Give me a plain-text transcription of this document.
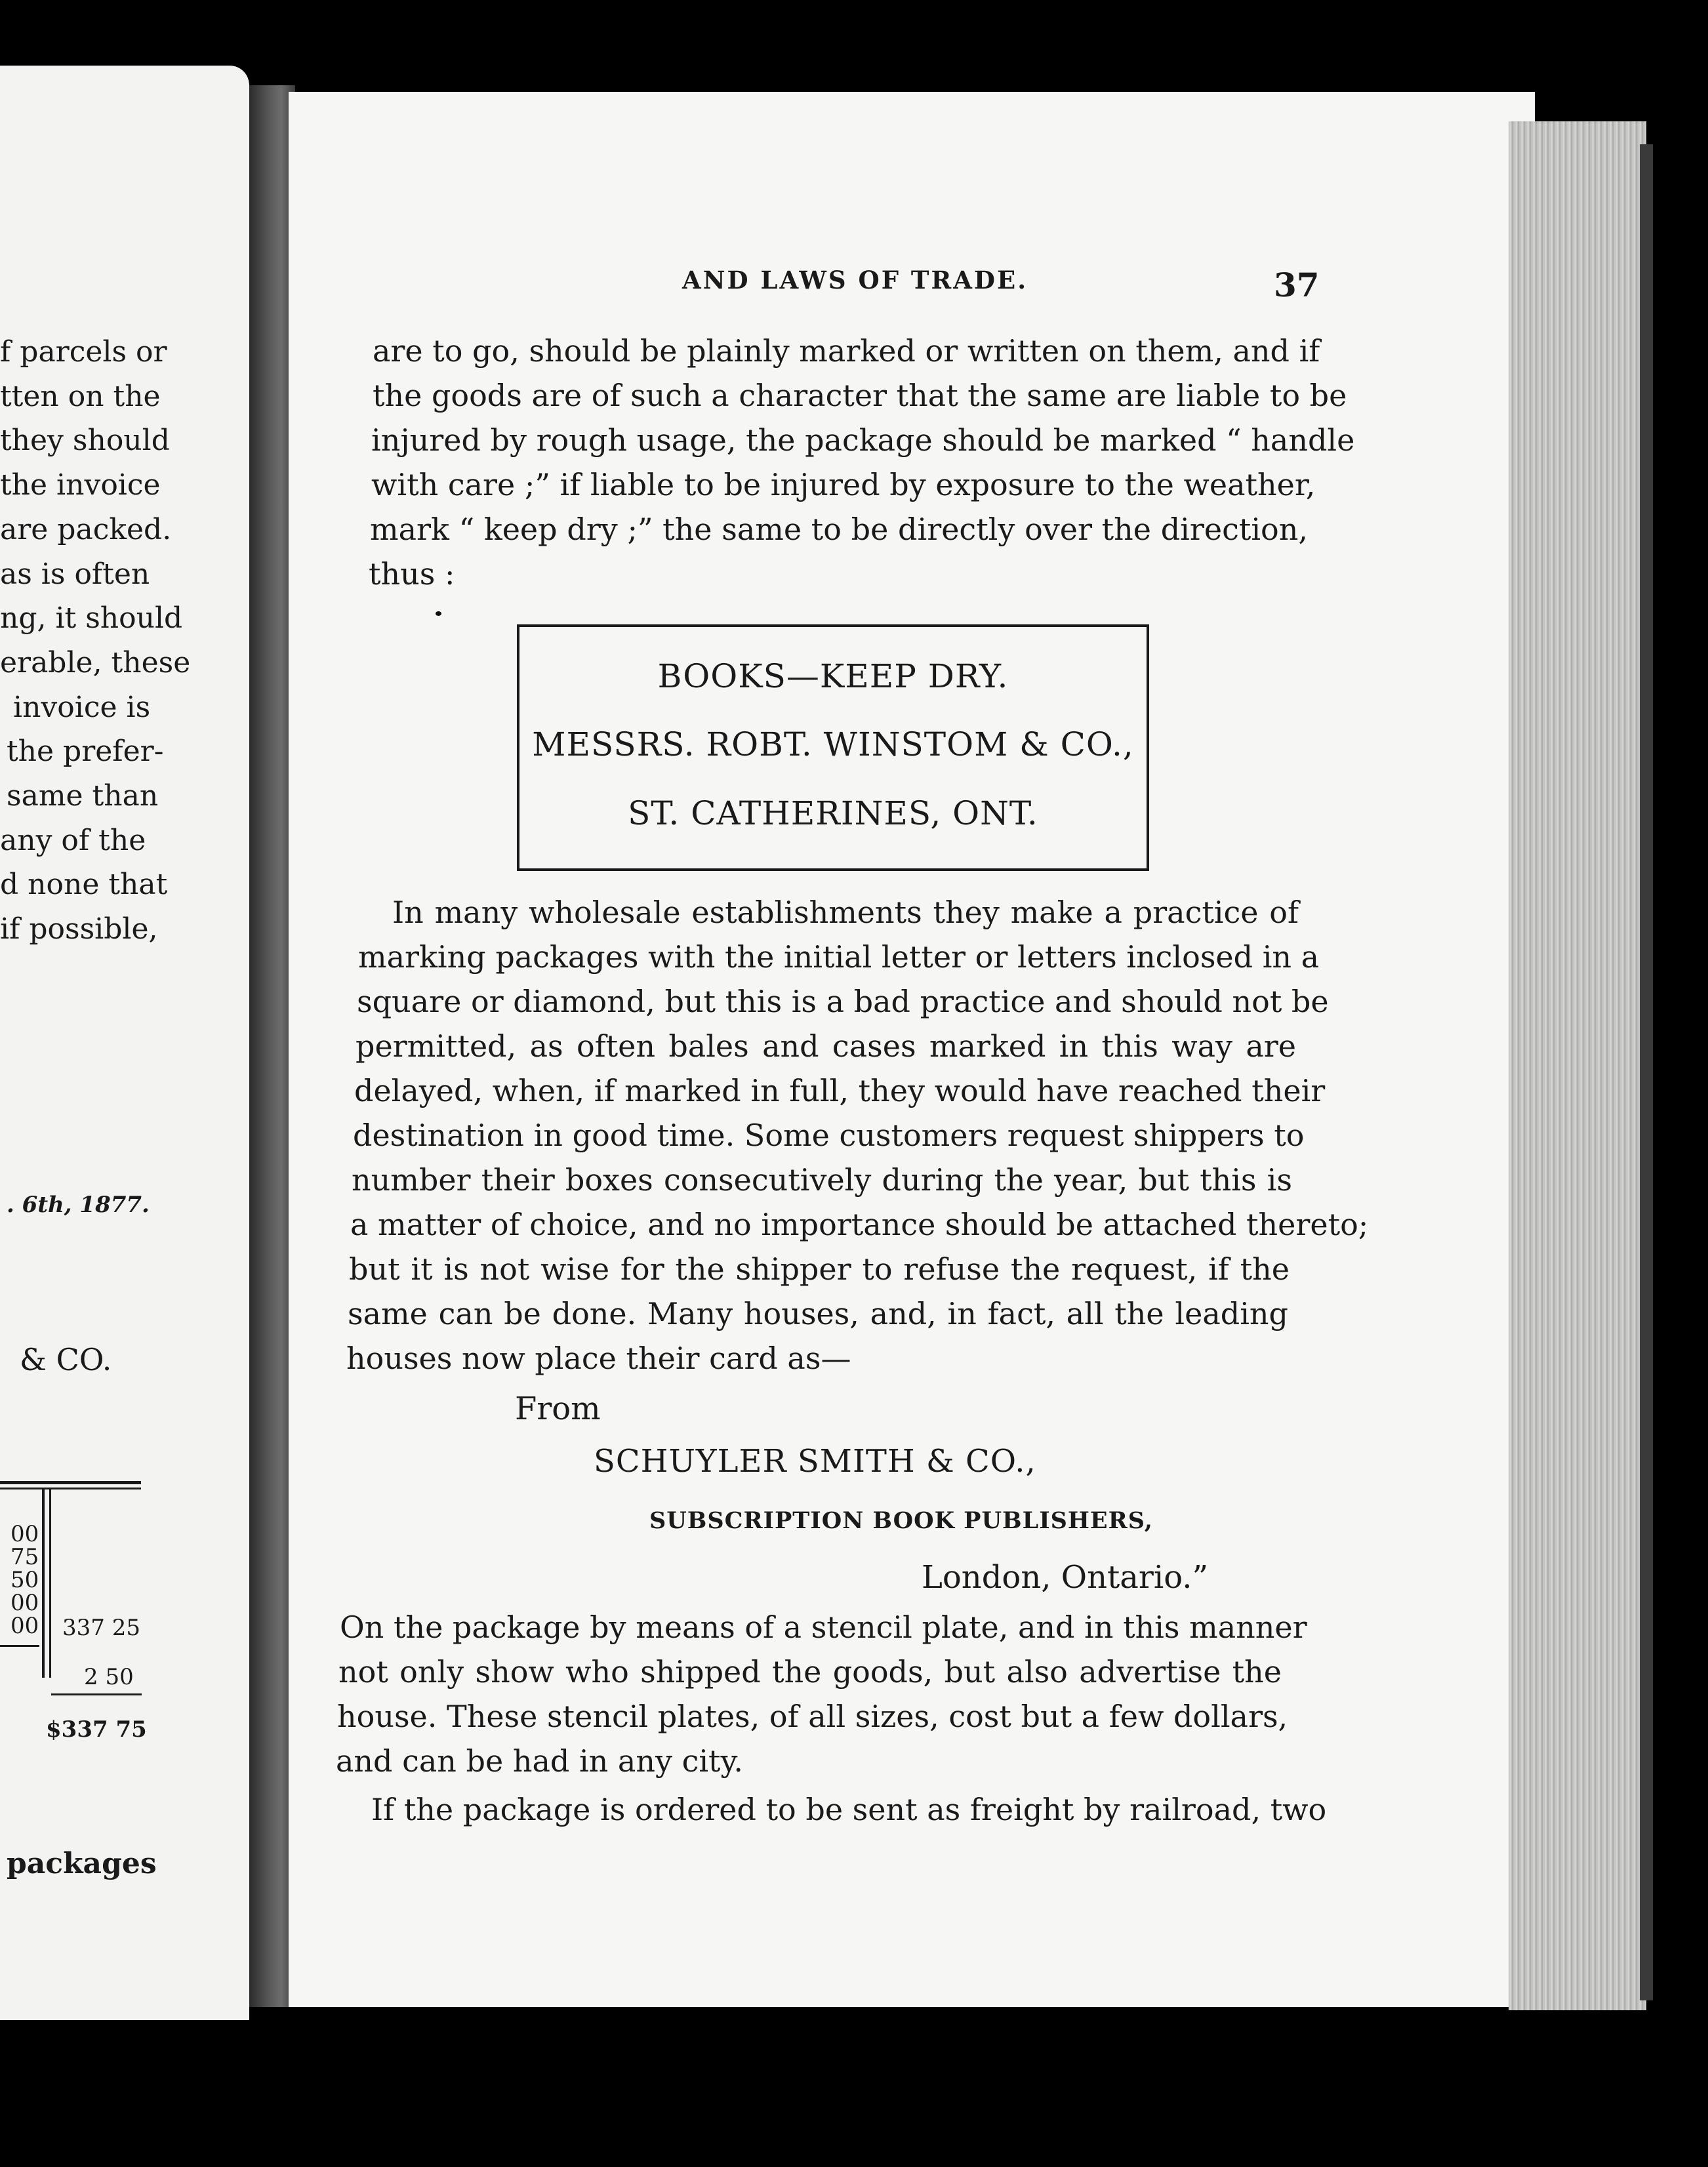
f parcels or
tten on the
they should
the invoice
are packed.
as is often
ng, it should
erable, these
invoice is
the prefer-
same than
any of the
d none that
if possible,
. 6th, 1877.
& CO.
00
75
50
00
00 337 25
2 50
$337 75
packages
AND LAWS OF TRADE.	37
are to go, should be plainly marked or written on them, and if
the goods are of such a character that the same are liable to be
injured by rough usage, the package should be marked “ handle
with care ;” if liable to be injured by exposure to the weather,
mark “ keep dry ;” the same to be directly over the direction,
thus :
BOOKS—KEEP DRY.
MESSRS. ROBT. WINSTOM & CO.,
ST. CATHERINES, ONT.
In many wholesale establishments they make a practice of
marking packages with the initial letter or letters inclosed in a
square or diamond, but this is a bad practice and should not be
permitted, as often bales and cases marked in this way are
delayed, when, if marked in full, they would have reached their
destination in good time. Some customers request shippers to
number their boxes consecutively during the year, but this is
a matter of choice, and no importance should be attached thereto;
but it is not wise for the shipper to refuse the request, if the
same can be done. Many houses, and, in fact, all the leading
houses now place their card as—
From
SCHUYLER SMITH & CO.,
SUBSCRIPTION BOOK PUBLISHERS,
London, Ontario.”
On the package by means of a stencil plate, and in this manner
not only show who shipped the goods, but also advertise the
house. These stencil plates, of all sizes, cost but a few dollars,
and can be had in any city.
If the package is ordered to be sent as freight by railroad, two
